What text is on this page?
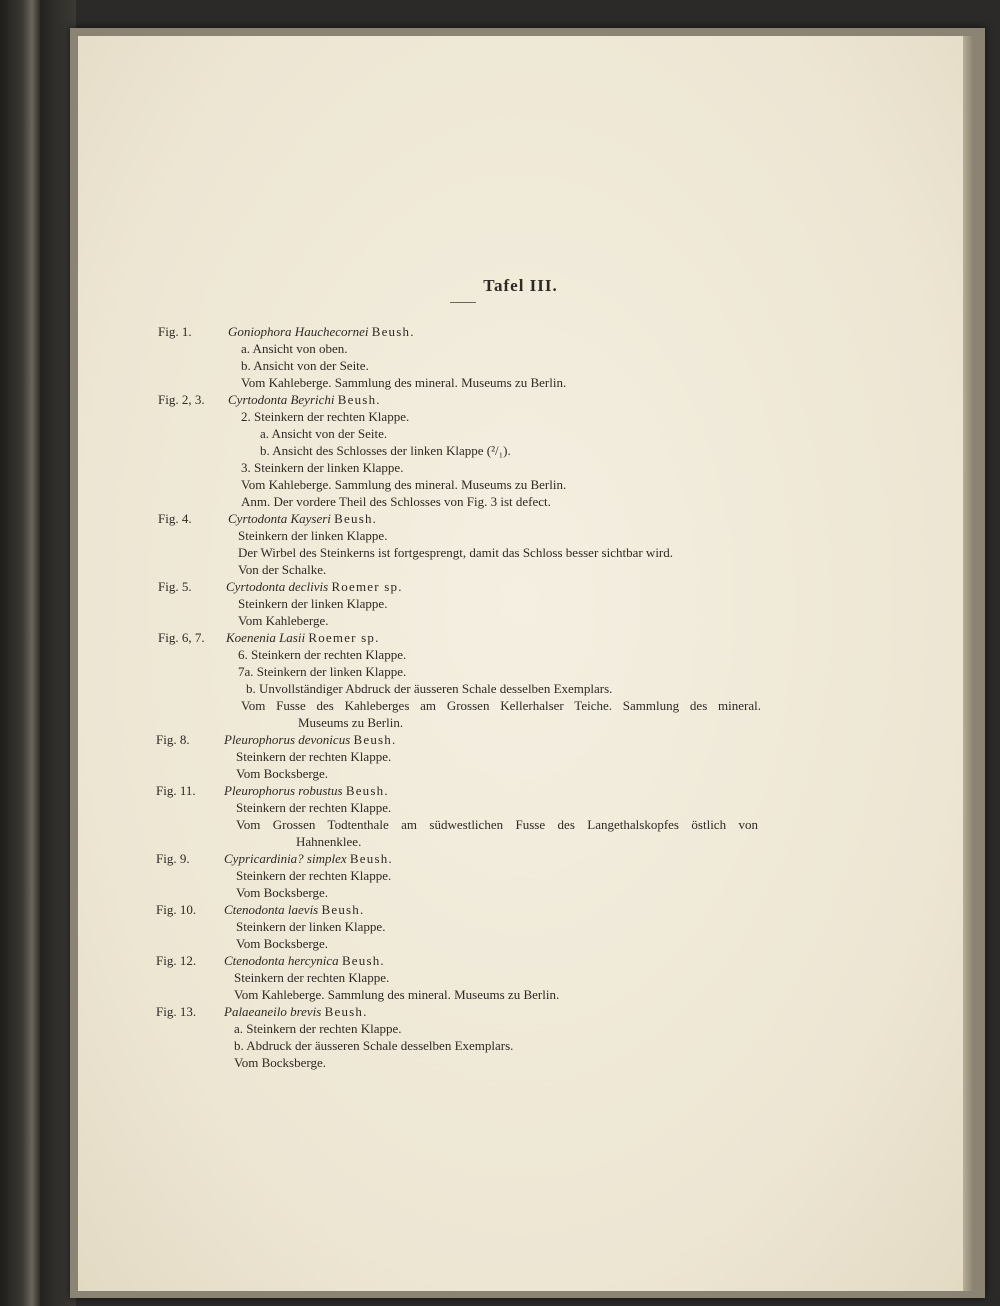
Tafel III.
Fig. 1.	Goniophora Hauchecornei Beush.
a. Ansicht von oben.
b. Ansicht von der Seite.
Vom Kahleberge. Sammlung des mineral. Museums zu Berlin.
Fig. 2, 3. Cyrtodonta Beyrichi Beush.
2. Steinkern der rechten Klappe.
a. Ansicht von der Seite.
b. Ansicht des Schlosses der linken Klappe (²/₁).
3. Steinkern der linken Klappe.
Vom Kahleberge. Sammlung des mineral. Museums zu Berlin.
Anm. Der vordere Theil des Schlosses von Fig. 3 ist defect.
Fig. 4.	Cyrtodonta Kayseri Beush.
Steinkern der linken Klappe.
Der Wirbel des Steinkerns ist fortgesprengt, damit das Schloss besser sichtbar wird.
Von der Schalke.
Fig. 5.	Cyrtodonta declivis Roemer sp.
Steinkern der linken Klappe.
Vom Kahleberge.
Fig. 6, 7. Koenenia Lasii Roemer sp.
6. Steinkern der rechten Klappe.
7a. Steinkern der linken Klappe.
b. Unvollständiger Abdruck der äusseren Schale desselben Exemplars.
Vom Fusse des Kahleberges am Grossen Kellerhalser Teiche. Sammlung des mineral.
Museums zu Berlin.
Fig. 8.	Pleurophorus devonicus Beush.
Steinkern der rechten Klappe.
Vom Bocksberge.
Fig. 11. Pleurophorus robustus Beush.
Steinkern der rechten Klappe.
Vom Grossen Todtenthale am südwestlichen Fusse des Langethalskopfes östlich von
Hahnenklee.
Fig. 9.	Cypricardinia? simplex Beush.
Steinkern der rechten Klappe.
Vom Bocksberge.
Fig. 10. Ctenodonta laevis Beush.
Steinkern der linken Klappe.
Vom Bocksberge.
Fig. 12. Ctenodonta hercynica Beush.
Steinkern der rechten Klappe.
Vom Kahleberge. Sammlung des mineral. Museums zu Berlin.
Fig. 13. Palaeaneilo brevis Beush.
a. Steinkern der rechten Klappe.
b. Abdruck der äusseren Schale desselben Exemplars.
Vom Bocksberge.
